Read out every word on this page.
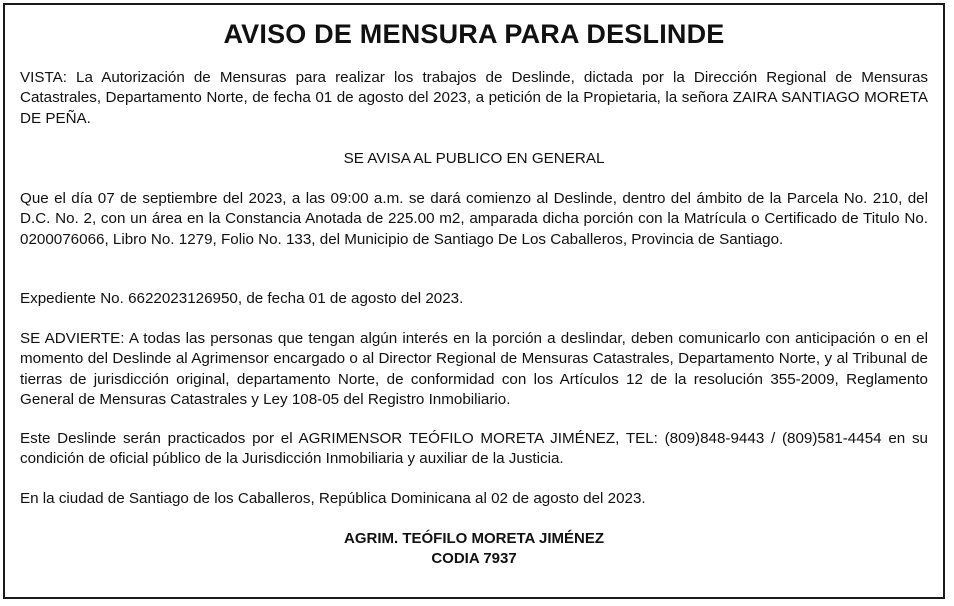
AVISO DE MENSURA PARA DESLINDE

VISTA: La Autorización de Mensuras para realizar los trabajos de Deslinde, dictada por la Dirección Regional de Mensuras Catastrales, Departamento Norte, de fecha 01 de agosto del 2023, a petición de la Propietaria, la señora ZAIRA SANTIAGO MORETA DE PEÑA.

SE AVISA AL PUBLICO EN GENERAL

Que el día 07 de septiembre del 2023, a las 09:00 a.m. se dará comienzo al Deslinde, dentro del ámbito de la Parcela No. 210, del D.C. No. 2, con un área en la Constancia Anotada de 225.00 m2, amparada dicha porción con la Matrícula o Certificado de Titulo No. 0200076066, Libro No. 1279, Folio No. 133, del Municipio de Santiago De Los Caballeros, Provincia de Santiago.

Expediente No. 6622023126950, de fecha 01 de agosto del 2023.

SE ADVIERTE: A todas las personas que tengan algún interés en la porción a deslindar, deben comunicarlo con anticipación o en el momento del Deslinde al Agrimensor encargado o al Director Regional de Mensuras Catastrales, Departamento Norte, y al Tribunal de tierras de jurisdicción original, departamento Norte, de conformidad con los Artículos 12 de la resolución 355-2009, Reglamento General de Mensuras Catastrales y Ley 108-05 del Registro Inmobiliario.

Este Deslinde serán practicados por el AGRIMENSOR TEÓFILO MORETA JIMÉNEZ, TEL: (809)848-9443 / (809)581-4454 en su condición de oficial público de la Jurisdicción Inmobiliaria y auxiliar de la Justicia.

En la ciudad de Santiago de los Caballeros, República Dominicana al 02 de agosto del 2023.

AGRIM. TEÓFILO MORETA JIMÉNEZ
CODIA 7937
